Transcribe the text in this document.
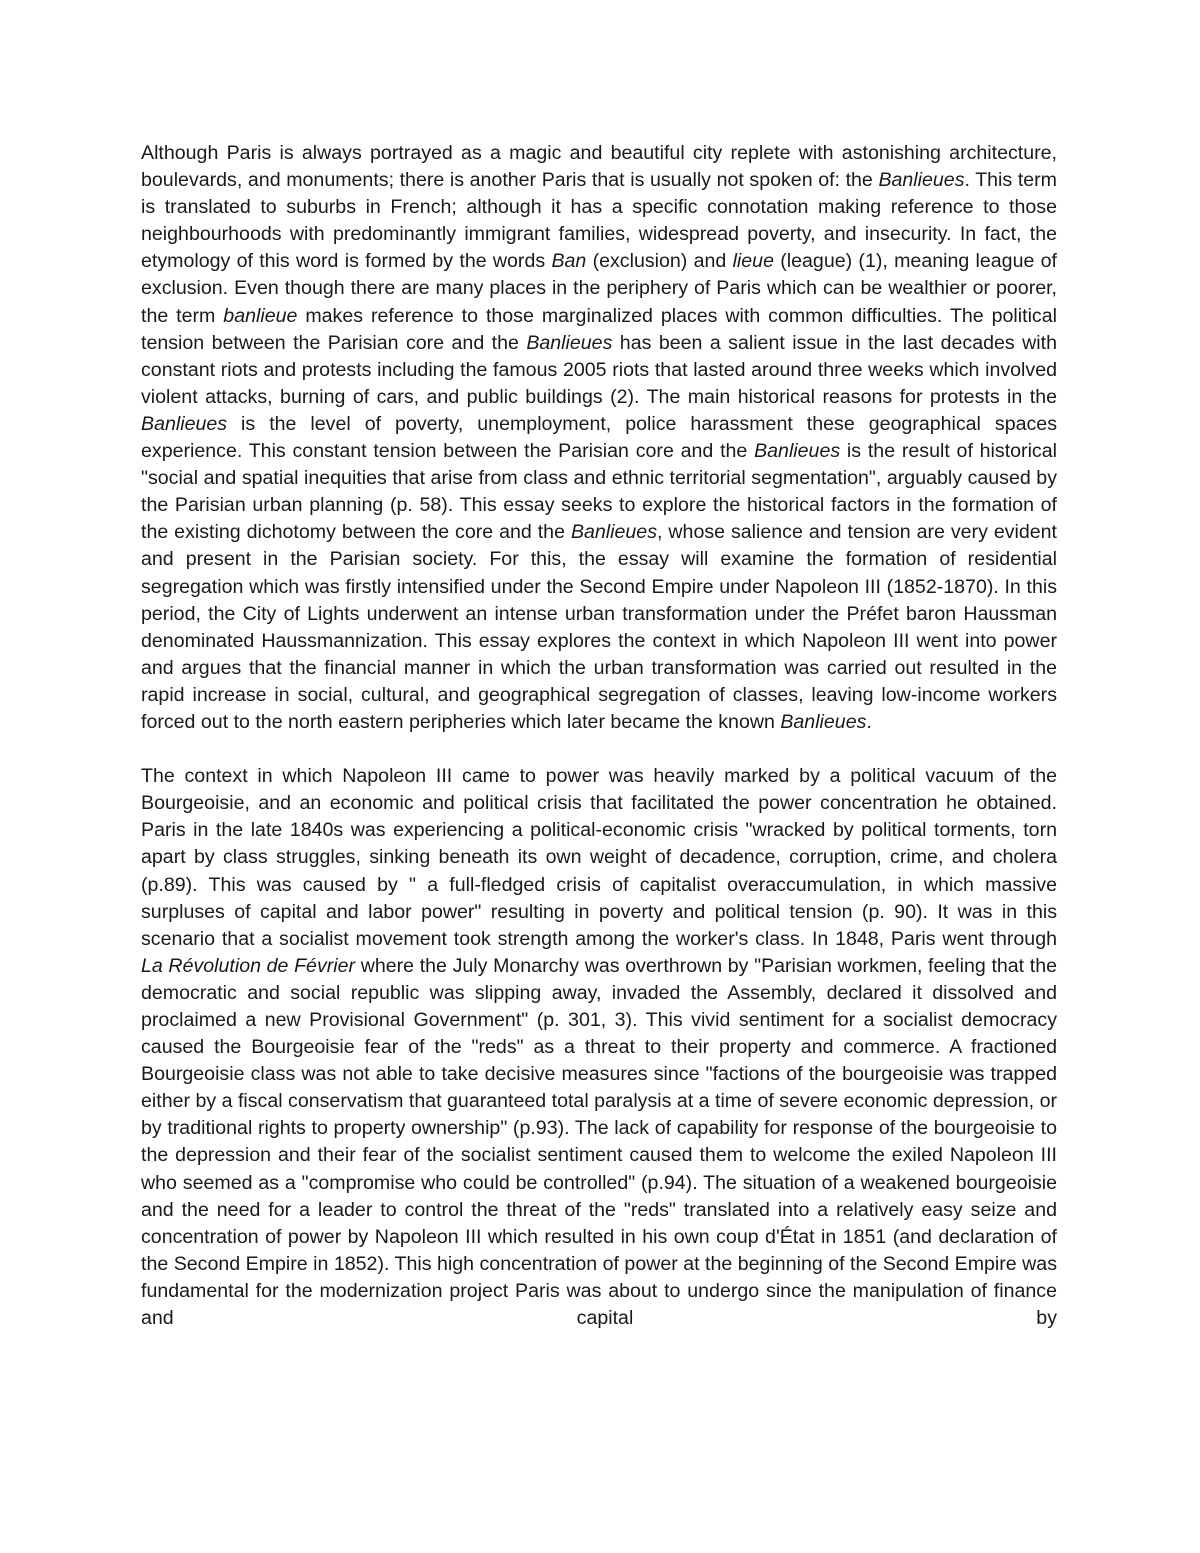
Although Paris is always portrayed as a magic and beautiful city replete with astonishing architecture, boulevards, and monuments; there is another Paris that is usually not spoken of: the Banlieues. This term is translated to suburbs in French; although it has a specific connotation making reference to those neighbourhoods with predominantly immigrant families, widespread poverty, and insecurity. In fact, the etymology of this word is formed by the words Ban (exclusion) and lieue (league) (1), meaning league of exclusion. Even though there are many places in the periphery of Paris which can be wealthier or poorer, the term banlieue makes reference to those marginalized places with common difficulties. The political tension between the Parisian core and the Banlieues has been a salient issue in the last decades with constant riots and protests including the famous 2005 riots that lasted around three weeks which involved violent attacks, burning of cars, and public buildings (2). The main historical reasons for protests in the Banlieues is the level of poverty, unemployment, police harassment these geographical spaces experience. This constant tension between the Parisian core and the Banlieues is the result of historical "social and spatial inequities that arise from class and ethnic territorial segmentation", arguably caused by the Parisian urban planning (p. 58). This essay seeks to explore the historical factors in the formation of the existing dichotomy between the core and the Banlieues, whose salience and tension are very evident and present in the Parisian society. For this, the essay will examine the formation of residential segregation which was firstly intensified under the Second Empire under Napoleon III (1852-1870). In this period, the City of Lights underwent an intense urban transformation under the Préfet baron Haussman denominated Haussmannization. This essay explores the context in which Napoleon III went into power and argues that the financial manner in which the urban transformation was carried out resulted in the rapid increase in social, cultural, and geographical segregation of classes, leaving low-income workers forced out to the north eastern peripheries which later became the known Banlieues.

The context in which Napoleon III came to power was heavily marked by a political vacuum of the Bourgeoisie, and an economic and political crisis that facilitated the power concentration he obtained. Paris in the late 1840s was experiencing a political-economic crisis "wracked by political torments, torn apart by class struggles, sinking beneath its own weight of decadence, corruption, crime, and cholera (p.89). This was caused by " a full-fledged crisis of capitalist overaccumulation, in which massive surpluses of capital and labor power" resulting in poverty and political tension (p. 90). It was in this scenario that a socialist movement took strength among the worker's class. In 1848, Paris went through La Révolution de Février where the July Monarchy was overthrown by "Parisian workmen, feeling that the democratic and social republic was slipping away, invaded the Assembly, declared it dissolved and proclaimed a new Provisional Government" (p. 301, 3). This vivid sentiment for a socialist democracy caused the Bourgeoisie fear of the "reds" as a threat to their property and commerce. A fractioned Bourgeoisie class was not able to take decisive measures since "factions of the bourgeoisie was trapped either by a fiscal conservatism that guaranteed total paralysis at a time of severe economic depression, or by traditional rights to property ownership" (p.93). The lack of capability for response of the bourgeoisie to the depression and their fear of the socialist sentiment caused them to welcome the exiled Napoleon III who seemed as a "compromise who could be controlled" (p.94). The situation of a weakened bourgeoisie and the need for a leader to control the threat of the "reds" translated into a relatively easy seize and concentration of power by Napoleon III which resulted in his own coup d'État in 1851 (and declaration of the Second Empire in 1852). This high concentration of power at the beginning of the Second Empire was fundamental for the modernization project Paris was about to undergo since the manipulation of finance and capital by
